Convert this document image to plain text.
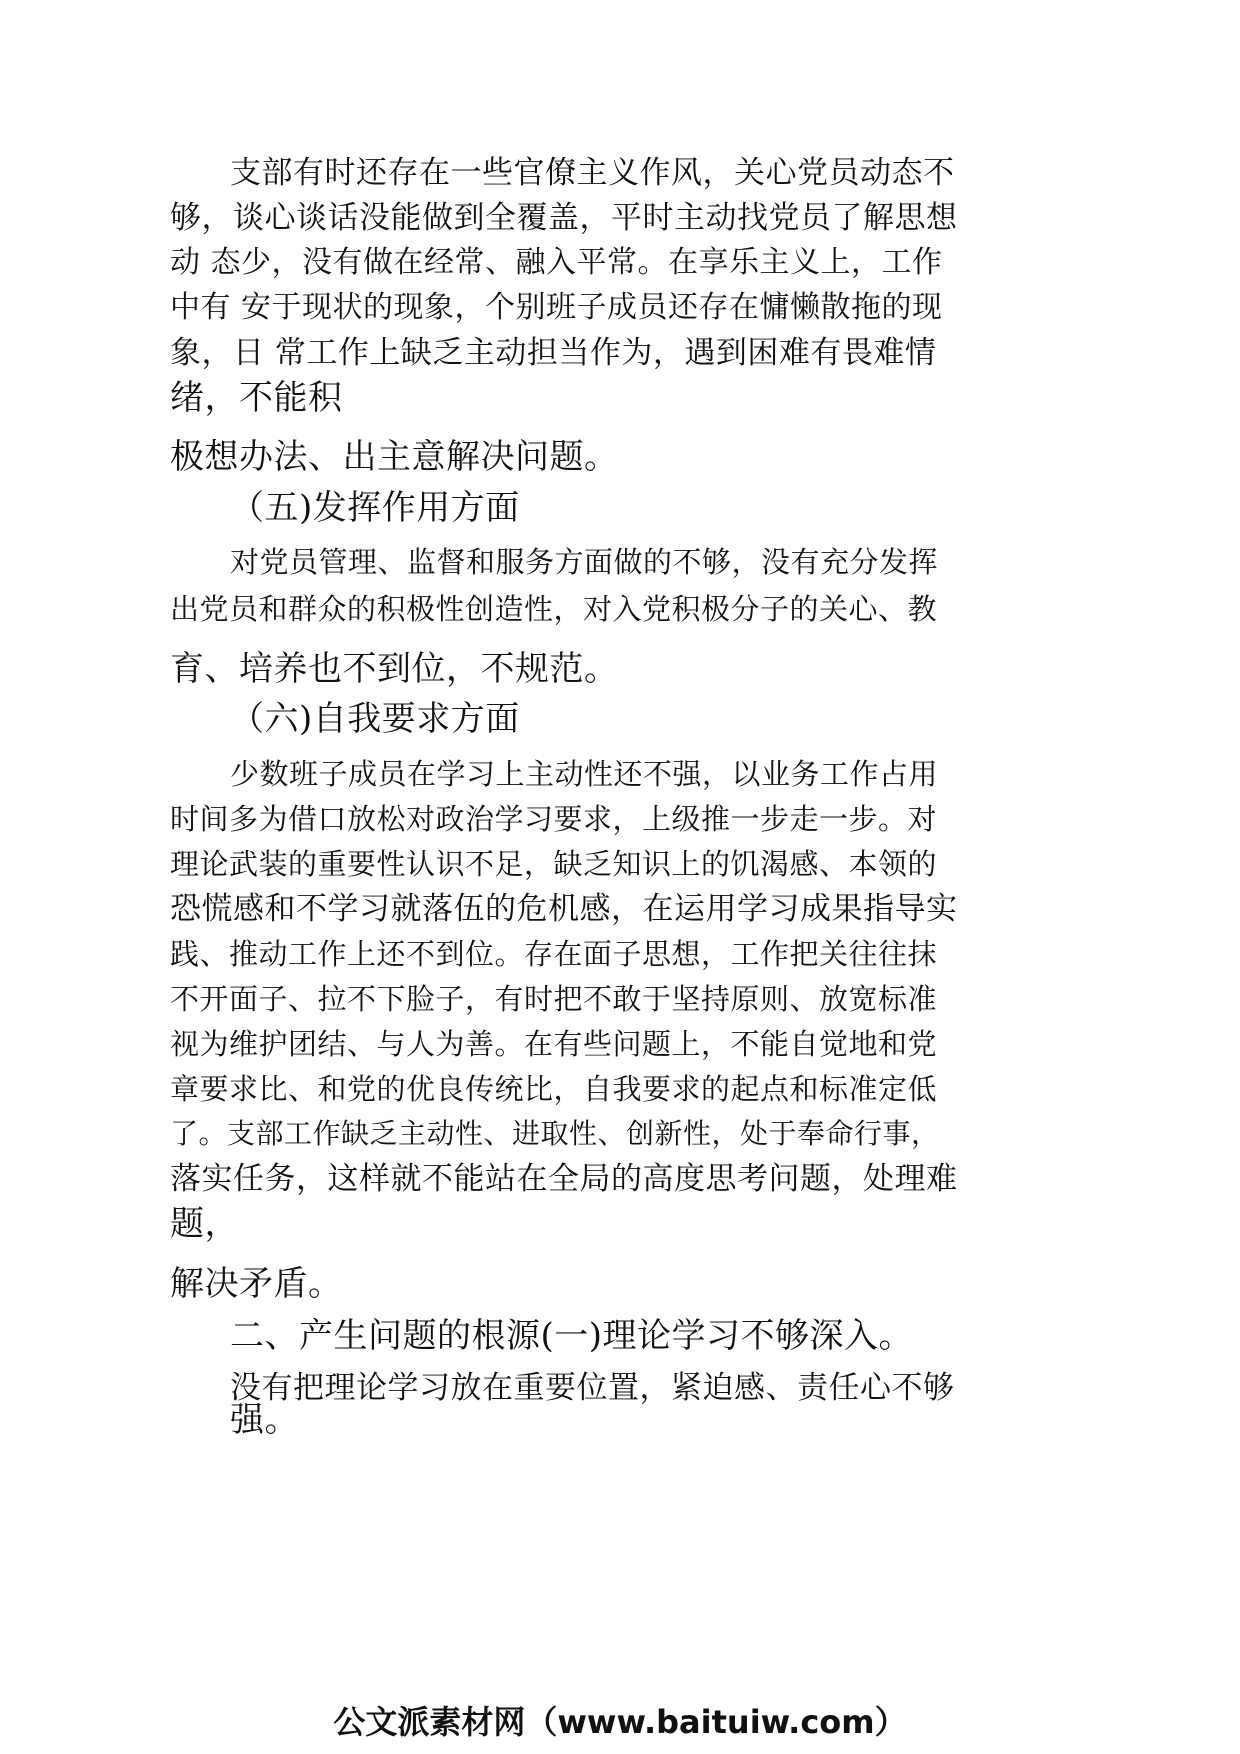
支部有时还存在一些官僚主义作风，关心党员动态不
够，谈心谈话没能做到全覆盖，平时主动找党员了解思想
动 态少，没有做在经常、融入平常。在享乐主义上，工作
中有 安于现状的现象，个别班子成员还存在慵懒散拖的现
象，日 常工作上缺乏主动担当作为，遇到困难有畏难情
绪，不能积
极想办法、出主意解决问题。
（五)发挥作用方面
对党员管理、监督和服务方面做的不够，没有充分发挥
出党员和群众的积极性创造性，对入党积极分子的关心、教
育、培养也不到位，不规范。
（六)自我要求方面
少数班子成员在学习上主动性还不强，以业务工作占用
时间多为借口放松对政治学习要求，上级推一步走一步。对
理论武装的重要性认识不足，缺乏知识上的饥渴感、本领的
恐慌感和不学习就落伍的危机感，在运用学习成果指导实
践、推动工作上还不到位。存在面子思想，工作把关往往抹
不开面子、拉不下脸子，有时把不敢于坚持原则、放宽标准
视为维护团结、与人为善。在有些问题上，不能自觉地和党
章要求比、和党的优良传统比，自我要求的起点和标准定低
了。支部工作缺乏主动性、进取性、创新性，处于奉命行事，
落实任务，这样就不能站在全局的高度思考问题，处理难
题，
解决矛盾。
二、产生问题的根源(一)理论学习不够深入。
没有把理论学习放在重要位置，紧迫感、责任心不够
强。
公文派素材网（www.baituiw.com）
